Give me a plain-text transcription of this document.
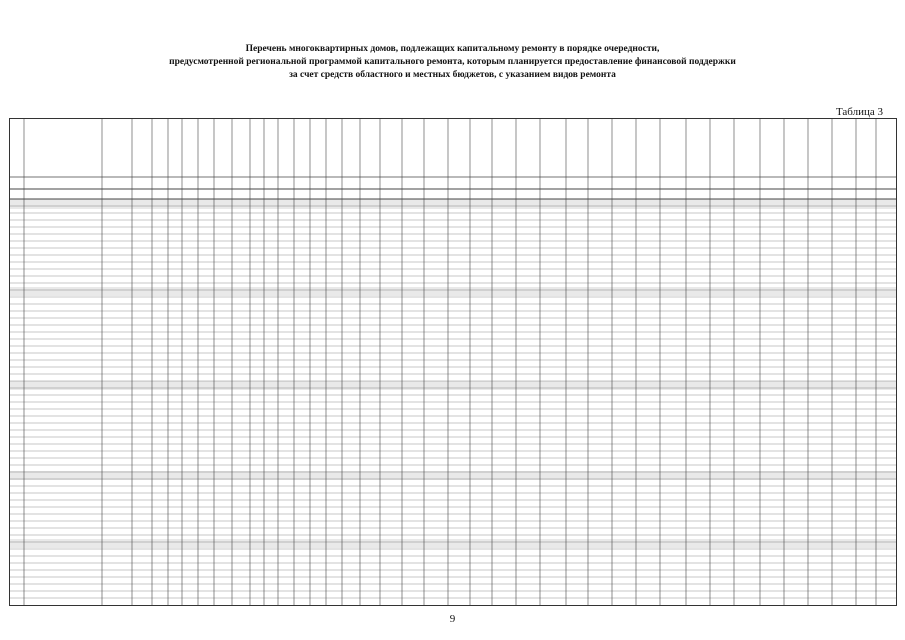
Перечень многоквартирных домов, подлежащих капитальному ремонту в порядке очередности,
предусмотренной региональной программой капитального ремонта, которым планируется предоставление финансовой поддержки
за счет средств областного и местных бюджетов, с указанием видов ремонта
Таблица 3
9
